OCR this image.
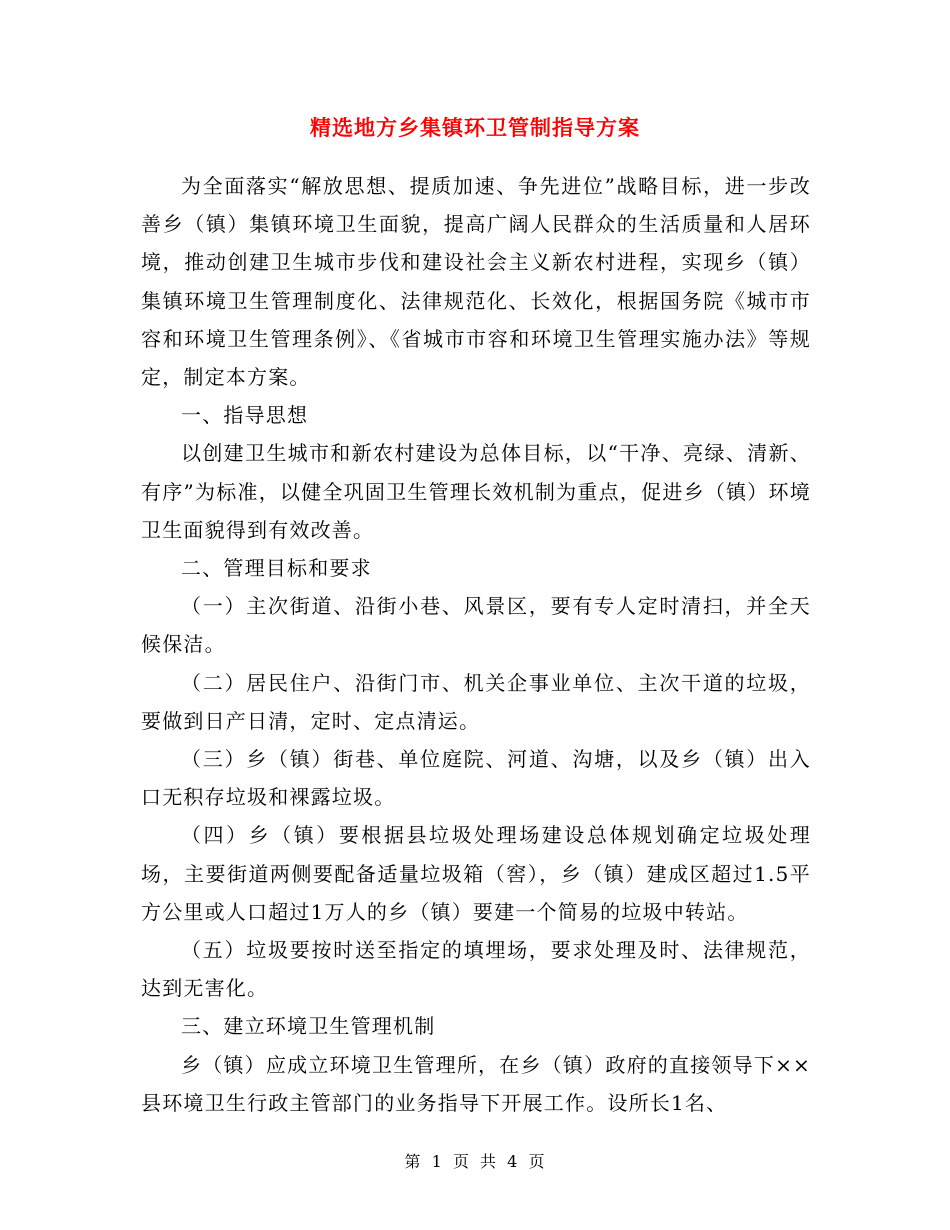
精选地方乡集镇环卫管制指导方案

为全面落实“解放思想、提质加速、争先进位”战略目标，进一步改善乡（镇）集镇环境卫生面貌，提高广阔人民群众的生活质量和人居环境，推动创建卫生城市步伐和建设社会主义新农村进程，实现乡（镇）集镇环境卫生管理制度化、法律规范化、长效化，根据国务院《城市市容和环境卫生管理条例》、《省城市市容和环境卫生管理实施办法》等规定，制定本方案。

一、指导思想

以创建卫生城市和新农村建设为总体目标，以“干净、亮绿、清新、有序”为标准，以健全巩固卫生管理长效机制为重点，促进乡（镇）环境卫生面貌得到有效改善。

二、管理目标和要求

（一）主次街道、沿街小巷、风景区，要有专人定时清扫，并全天候保洁。

（二）居民住户、沿街门市、机关企事业单位、主次干道的垃圾，要做到日产日清，定时、定点清运。

（三）乡（镇）街巷、单位庭院、河道、沟塘，以及乡（镇）出入口无积存垃圾和裸露垃圾。

（四）乡（镇）要根据县垃圾处理场建设总体规划确定垃圾处理场，主要街道两侧要配备适量垃圾箱（窖），乡（镇）建成区超过1.5平方公里或人口超过1万人的乡（镇）要建一个简易的垃圾中转站。

（五）垃圾要按时送至指定的填埋场，要求处理及时、法律规范，达到无害化。

三、建立环境卫生管理机制

乡（镇）应成立环境卫生管理所，在乡（镇）政府的直接领导下××县环境卫生行政主管部门的业务指导下开展工作。设所长1名、

第 1 页 共 4 页
